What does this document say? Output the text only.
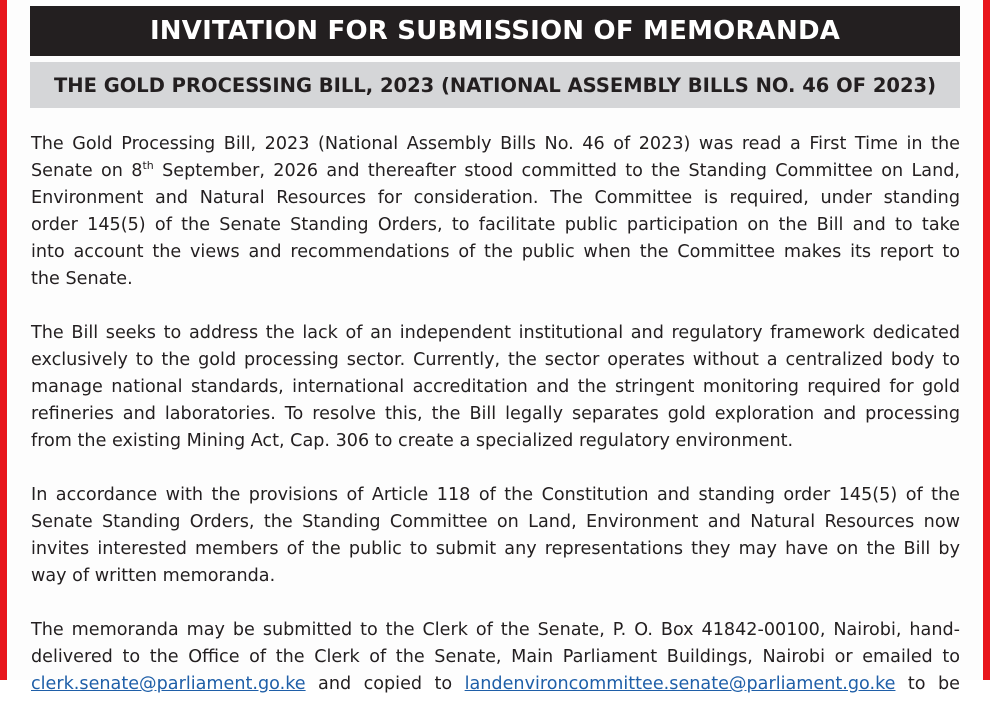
INVITATION FOR SUBMISSION OF MEMORANDA
THE GOLD PROCESSING BILL, 2023 (NATIONAL ASSEMBLY BILLS NO. 46 OF 2023)
The Gold Processing Bill, 2023 (National Assembly Bills No. 46 of 2023) was read a First Time in the
Senate on 8th September, 2026 and thereafter stood committed to the Standing Committee on Land,
Environment and Natural Resources for consideration. The Committee is required, under standing
order 145(5) of the Senate Standing Orders, to facilitate public participation on the Bill and to take
into account the views and recommendations of the public when the Committee makes its report to
the Senate.
The Bill seeks to address the lack of an independent institutional and regulatory framework dedicated
exclusively to the gold processing sector. Currently, the sector operates without a centralized body to
manage national standards, international accreditation and the stringent monitoring required for gold
refineries and laboratories. To resolve this, the Bill legally separates gold exploration and processing
from the existing Mining Act, Cap. 306 to create a specialized regulatory environment.
In accordance with the provisions of Article 118 of the Constitution and standing order 145(5) of the
Senate Standing Orders, the Standing Committee on Land, Environment and Natural Resources now
invites interested members of the public to submit any representations they may have on the Bill by
way of written memoranda.
The memoranda may be submitted to the Clerk of the Senate, P. O. Box 41842-00100, Nairobi, hand-
delivered to the Office of the Clerk of the Senate, Main Parliament Buildings, Nairobi or emailed to
clerk.senate@parliament.go.ke and copied to landenvironcommittee.senate@parliament.go.ke to be
